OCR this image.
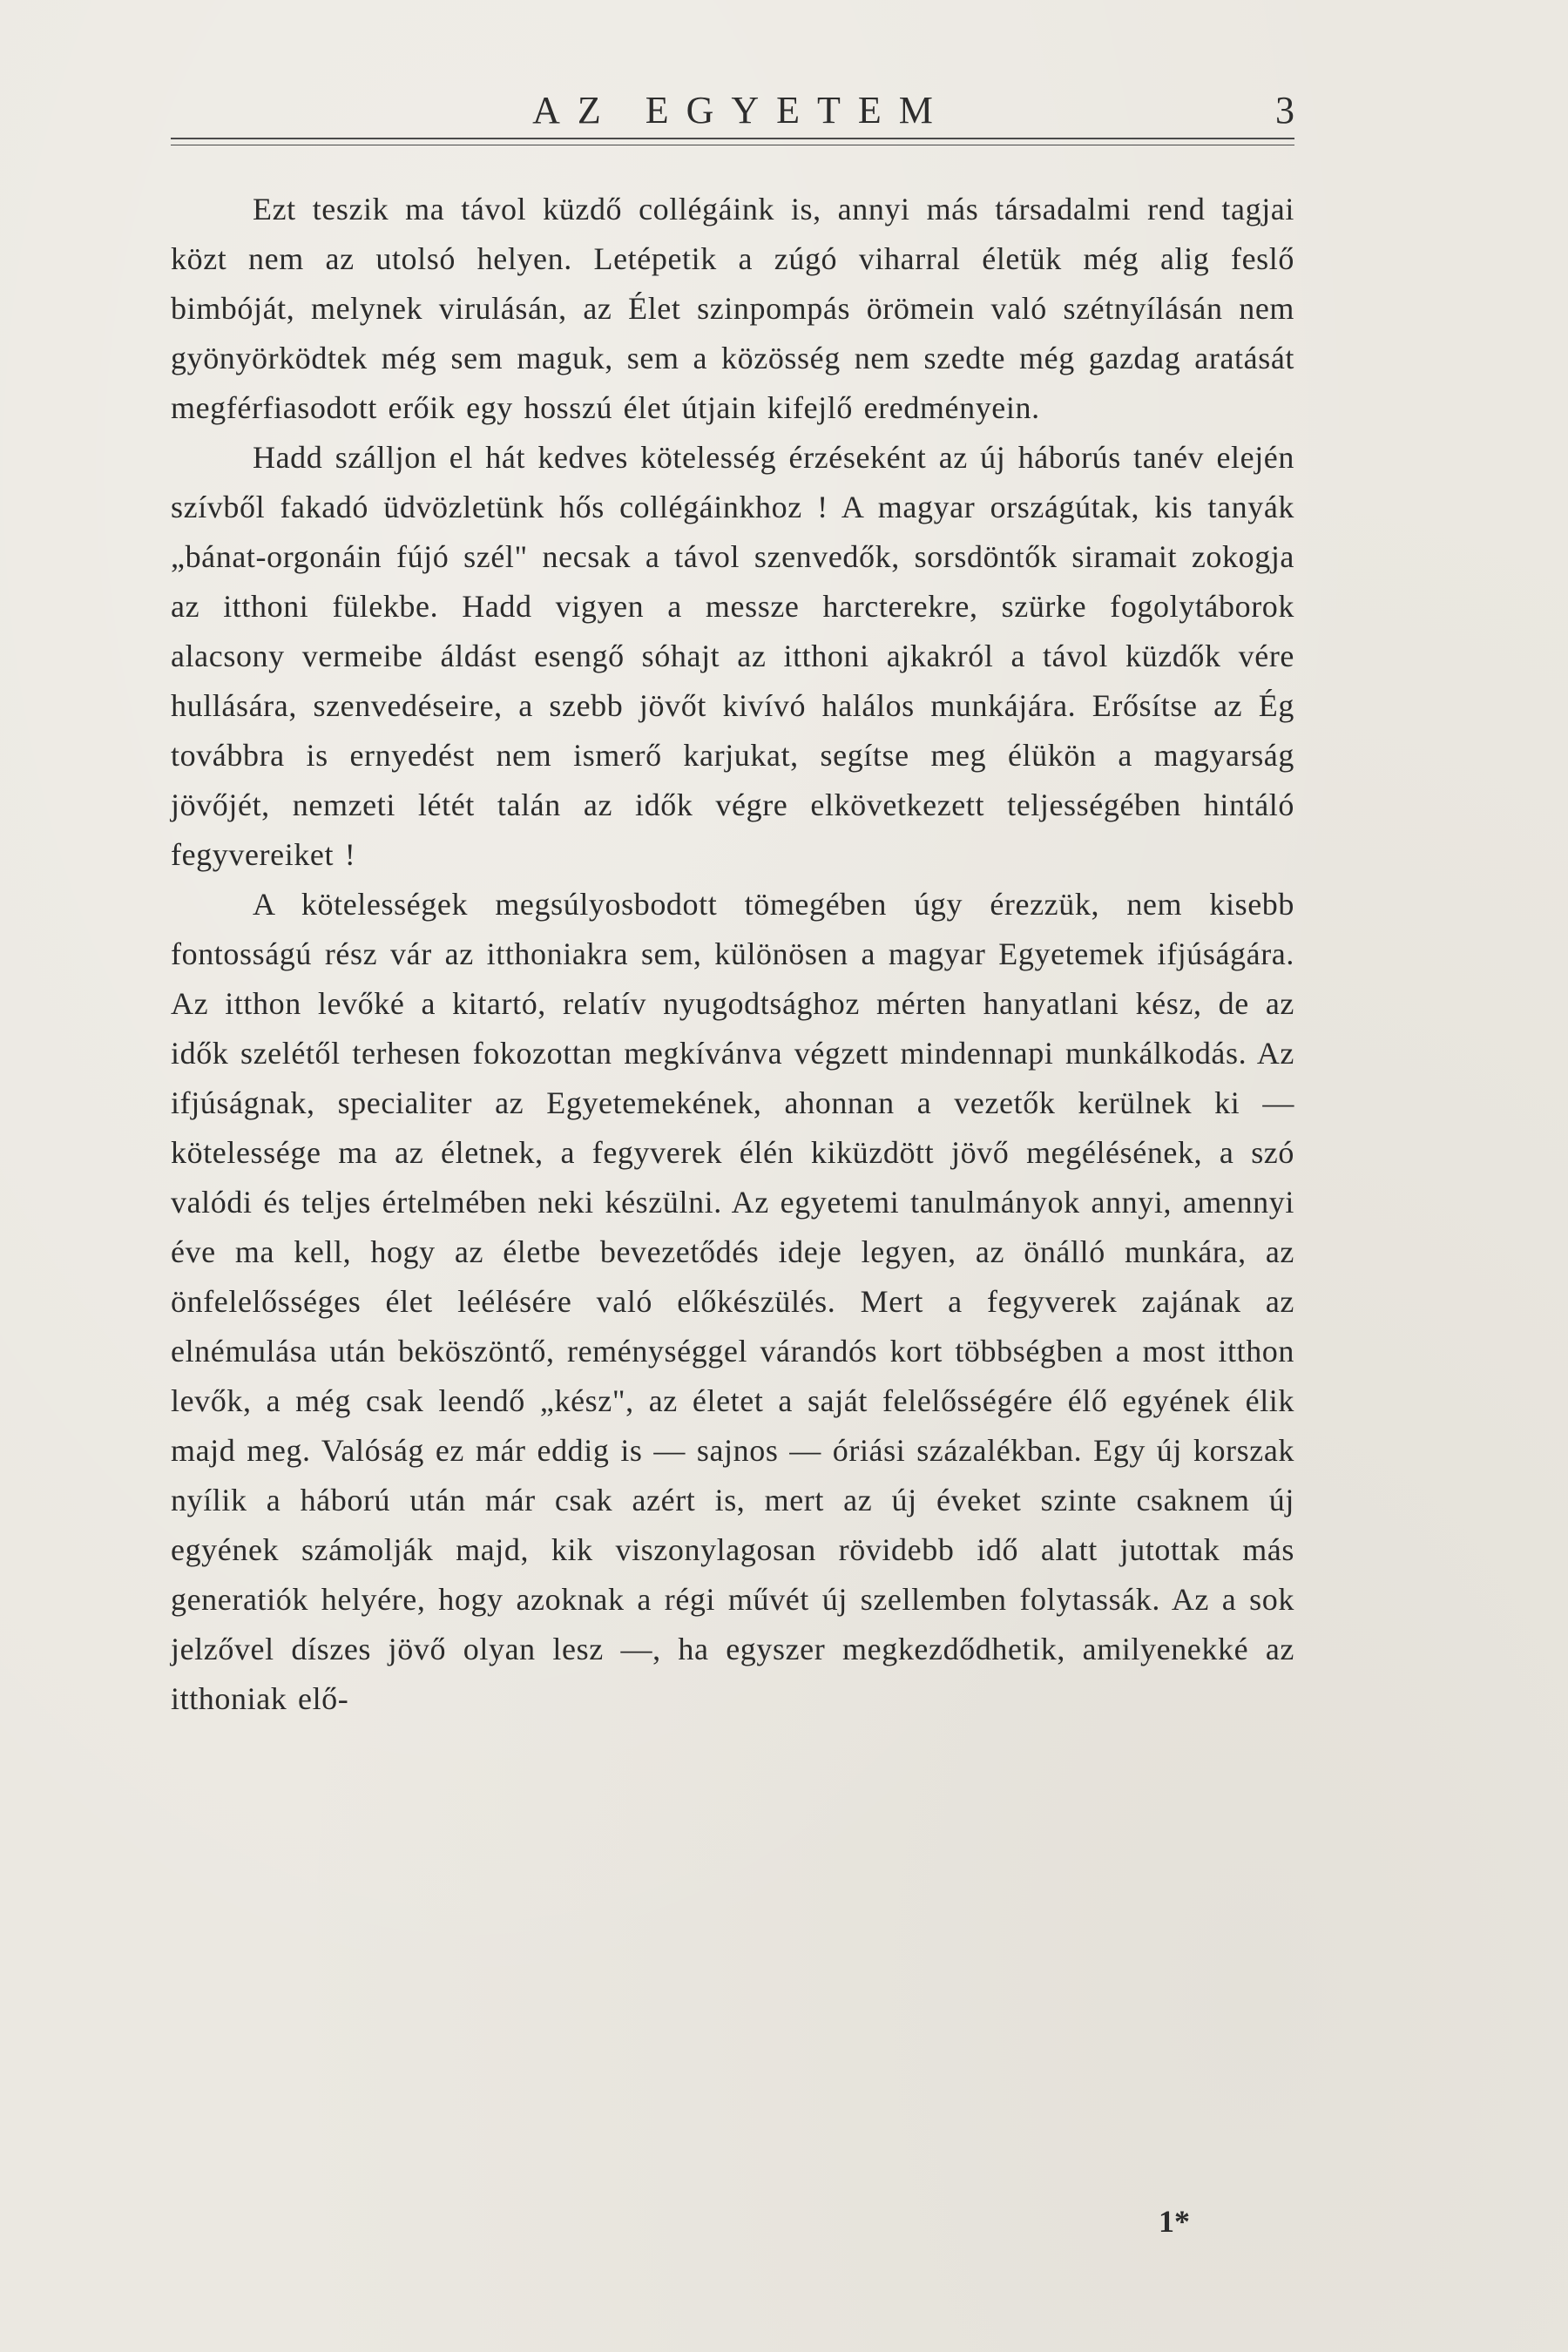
AZ EGYETEM	3

Ezt teszik ma távol küzdő collégáink is, annyi más társadalmi rend tagjai közt nem az utolsó helyen. Letépetik a zúgó viharral életük még alig fеslő bimbóját, melynek virulásán, az Élet szinpompás örömein való szétnyílásán nem gyönyörködtek még sem maguk, sem a közösség nem szedte még gazdag aratását megférfiasodott erőik egy hosszú élet útjain kifejlő eredményein.

Hadd szálljon el hát kedves kötelesség érzéseként az új háborús tanév elején szívből fakadó üdvözletünk hős collégáinkhoz ! A magyar országútak, kis tanyák „bánat-orgonáin fújó szél" necsak a távol szenvedők, sorsdöntők siramait zokogja az itthoni fülekbe. Hadd vigyen a messze harcterekre, szürke fogolytáborok alacsony vermeibe áldást esengő sóhajt az itthoni ajkakról a távol küzdők vére hullására, szenvedéseire, a szebb jövőt kivívó halálos munkájára. Erősítse az Ég továbbra is ernyedést nem ismerő karjukat, segítse meg élükön a magyarság jövőjét, nemzeti létét talán az idők végre elkövetkezett teljességében hintáló fegyvereiket !

A kötelességek megsúlyosbodott tömegében úgy érezzük, nem kisebb fontosságú rész vár az itthoniakra sem, különösen a magyar Egyetemek ifjúságára. Az itthon levőké a kitartó, relatív nyugodtsághoz mérten hanyatlani kész, de az idők szelétől terhesen fokozottan megkívánva végzett mindennapi munkálkodás. Az ifjúságnak, specialiter az Egyetemekének, ahonnan a vezetők kerülnek ki — kötelessége ma az életnek, a fegyverek élén kiküzdött jövő megélésének, a szó valódi és teljes értelmében neki készülni. Az egyetemi tanulmányok annyi, amennyi éve ma kell, hogy az életbe bevezetődés ideje legyen, az önálló munkára, az önfelelősséges élet leélésére való előkészülés. Mert a fegyverek zajának az elnémulása után beköszöntő, reménységgel várandós kort többségben a most itthon levők, a még csak leendő „kész", az életet a saját felelősségére élő egyének élik majd meg. Valóság ez már eddig is — sajnos — óriási százalékban. Egy új korszak nyílik a háború után már csak azért is, mert az új éveket szinte csaknem új egyének számolják majd, kik viszonylagosan rövidebb idő alatt jutottak más generatiók helyére, hogy azoknak a régi művét új szellemben folytassák. Az a sok jelzővel díszes jövő olyan lesz —, ha egyszer megkezdődhetik, amilyenekké az itthoniak elő-

1*
